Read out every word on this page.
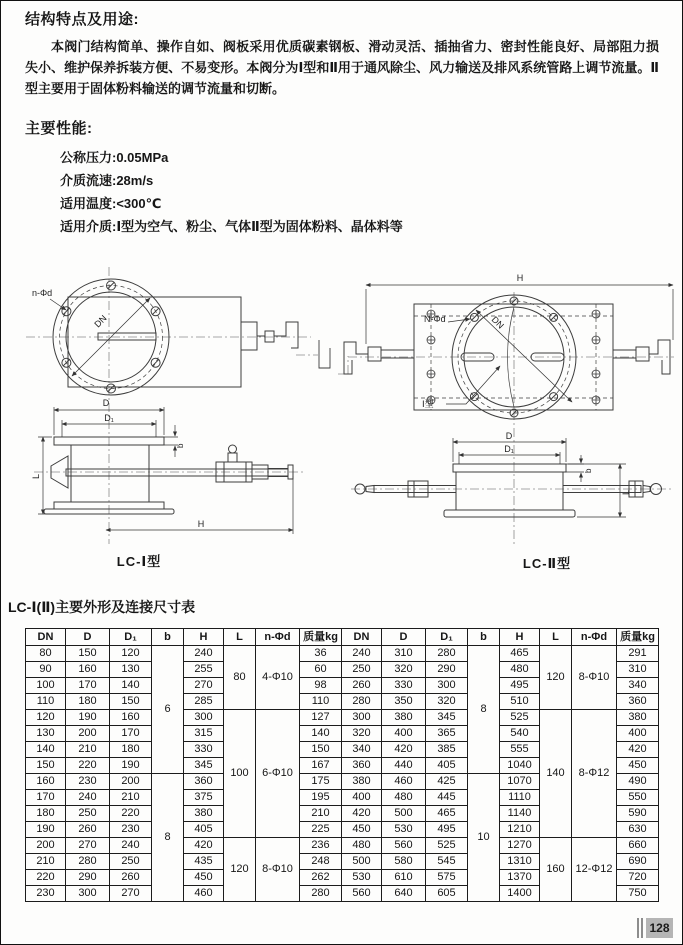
结构特点及用途:
本阀门结构简单、操作自如、阀板采用优质碳素钢板、滑动灵活、插抽省力、密封性能良好、局部阻力损失小、维护保养拆装方便、不易变形。本阀分为Ⅰ型和Ⅱ用于通风除尘、风力输送及排风系统管路上调节流量。Ⅱ型主要用于固体粉料输送的调节流量和切断。
主要性能:
公称压力:0.05MPa
介质流速:28m/s
适用温度:<300℃
适用介质:Ⅰ型为空气、粉尘、气体Ⅱ型为固体粉料、晶体料等
n-Φd
DN
D
D₁
b
L
H
H
N-Φd	DN
Ⅰ型
D
D₁
b
L
LC-Ⅰ型	LC-Ⅱ型
LC-Ⅰ(Ⅱ)主要外形及连接尺寸表
DN	D	D₁	b	H	L	n-Φd	质量kg	DN	D	D₁	b	H	L	n-Φd	质量kg
80	150	120	6	240	80	4-Φ10	36	240	310	280	8	465	120	8-Φ10	291
90	160	130		255			60	250	320	290		480			310
100	170	140		270			98	260	330	300		495			340
110	180	150		285			110	280	350	320		510			360
120	190	160		300	100	6-Φ10	127	300	380	345		525	140	8-Φ12	380
130	200	170		315			140	320	400	365		540			400
140	210	180		330			150	340	420	385		555			420
150	220	190		345			167	360	440	405		1040			450
160	230	200	8	360			175	380	460	425	10	1070			490
170	240	210		375			195	400	480	445		1110			550
180	250	220		380			210	420	500	465		1140			590
190	260	230		405			225	450	530	495		1210			630
200	270	240		420	120	8-Φ10	236	480	560	525		1270	160	12-Φ12	660
210	280	250		435			248	500	580	545		1310			690
220	290	260		450			262	530	610	575		1370			720
230	300	270		460			280	560	640	605		1400			750
128
